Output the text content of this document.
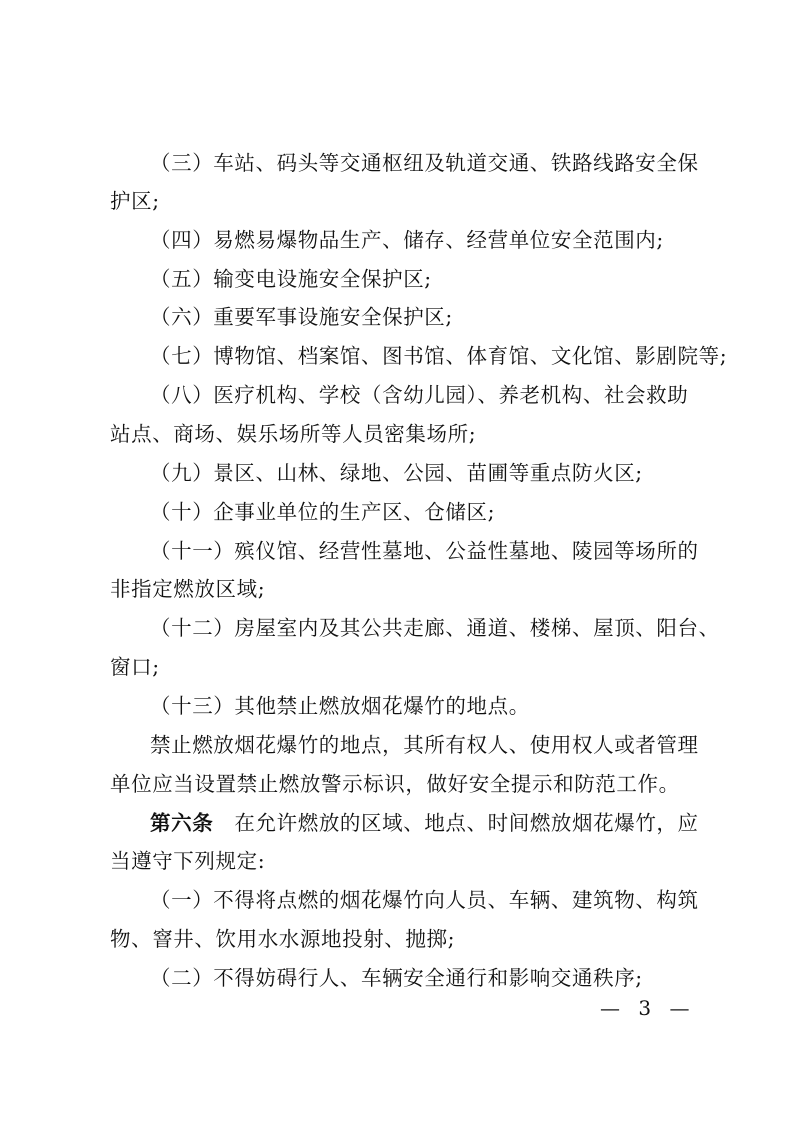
（三）车站、码头等交通枢纽及轨道交通、铁路线路安全保
护区;
（四）易燃易爆物品生产、储存、经营单位安全范围内;
（五）输变电设施安全保护区;
（六）重要军事设施安全保护区;
（七）博物馆、档案馆、图书馆、体育馆、文化馆、影剧院等;
（八）医疗机构、学校（含幼儿园）、养老机构、社会救助
站点、商场、娱乐场所等人员密集场所;
（九）景区、山林、绿地、公园、苗圃等重点防火区;
（十）企事业单位的生产区、仓储区;
（十一）殡仪馆、经营性墓地、公益性墓地、陵园等场所的
非指定燃放区域;
（十二）房屋室内及其公共走廊、通道、楼梯、屋顶、阳台、
窗口;
（十三）其他禁止燃放烟花爆竹的地点。
禁止燃放烟花爆竹的地点，其所有权人、使用权人或者管理
单位应当设置禁止燃放警示标识，做好安全提示和防范工作。
第六条　 在允许燃放的区域、地点、时间燃放烟花爆竹，应
当遵守下列规定:
（一）不得将点燃的烟花爆竹向人员、车辆、建筑物、构筑
物、窨井、饮用水水源地投射、抛掷;
（二）不得妨碍行人、车辆安全通行和影响交通秩序;
— 3 —
